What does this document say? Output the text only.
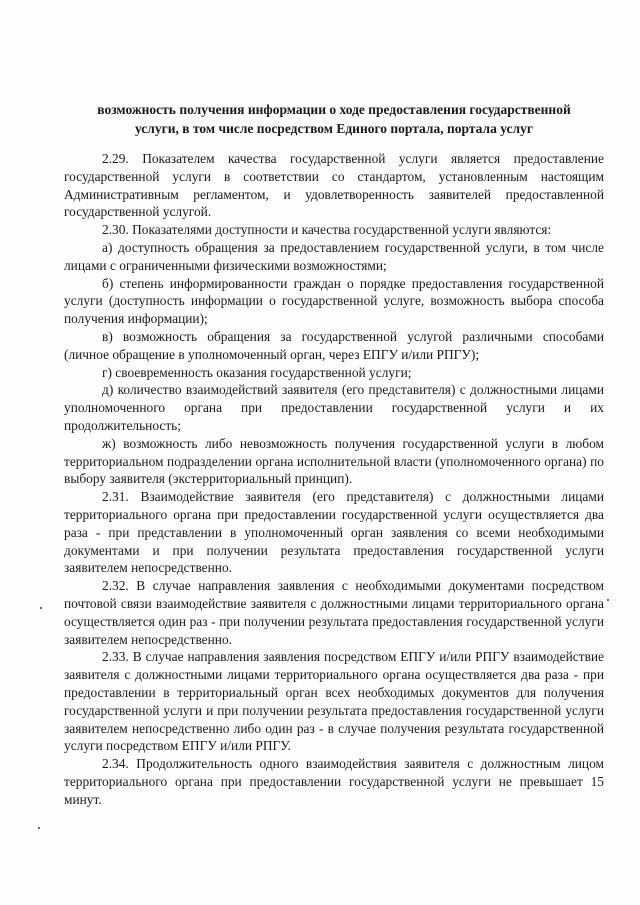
возможность получения информации о ходе предоставления государственной
услуги, в том числе посредством Единого портала, портала услуг

2.29. Показателем качества государственной услуги является предоставление государственной услуги в соответствии со стандартом, установленным настоящим Административным регламентом, и удовлетворенность заявителей предоставленной государственной услугой.

2.30. Показателями доступности и качества государственной услуги являются:

а) доступность обращения за предоставлением государственной услуги, в том числе лицами с ограниченными физическими возможностями;

б) степень информированности граждан о порядке предоставления государственной услуги (доступность информации о государственной услуге, возможность выбора способа получения информации);

в) возможность обращения за государственной услугой различными способами (личное обращение в уполномоченный орган, через ЕПГУ и/или РПГУ);

г) своевременность оказания государственной услуги;

д) количество взаимодействий заявителя (его представителя) с должностными лицами уполномоченного органа при предоставлении государственной услуги и их продолжительность;

ж) возможность либо невозможность получения государственной услуги в любом территориальном подразделении органа исполнительной власти (уполномоченного органа) по выбору заявителя (экстерриториальный принцип).

2.31. Взаимодействие заявителя (его представителя) с должностными лицами территориального органа при предоставлении государственной услуги осуществляется два раза - при представлении в уполномоченный орган заявления со всеми необходимыми документами и при получении результата предоставления государственной услуги заявителем непосредственно.

2.32. В случае направления заявления с необходимыми документами посредством почтовой связи взаимодействие заявителя с должностными лицами территориального органа осуществляется один раз - при получении результата предоставления государственной услуги заявителем непосредственно.

2.33. В случае направления заявления посредством ЕПГУ и/или РПГУ взаимодействие заявителя с должностными лицами территориального органа осуществляется два раза - при предоставлении в территориальный орган всех необходимых документов для получения государственной услуги и при получении результата предоставления государственной услуги заявителем непосредственно либо один раз - в случае получения результата государственной услуги посредством ЕПГУ и/или РПГУ.

2.34. Продолжительность одного взаимодействия заявителя с должностным лицом территориального органа при предоставлении государственной услуги не превышает 15 минут.
